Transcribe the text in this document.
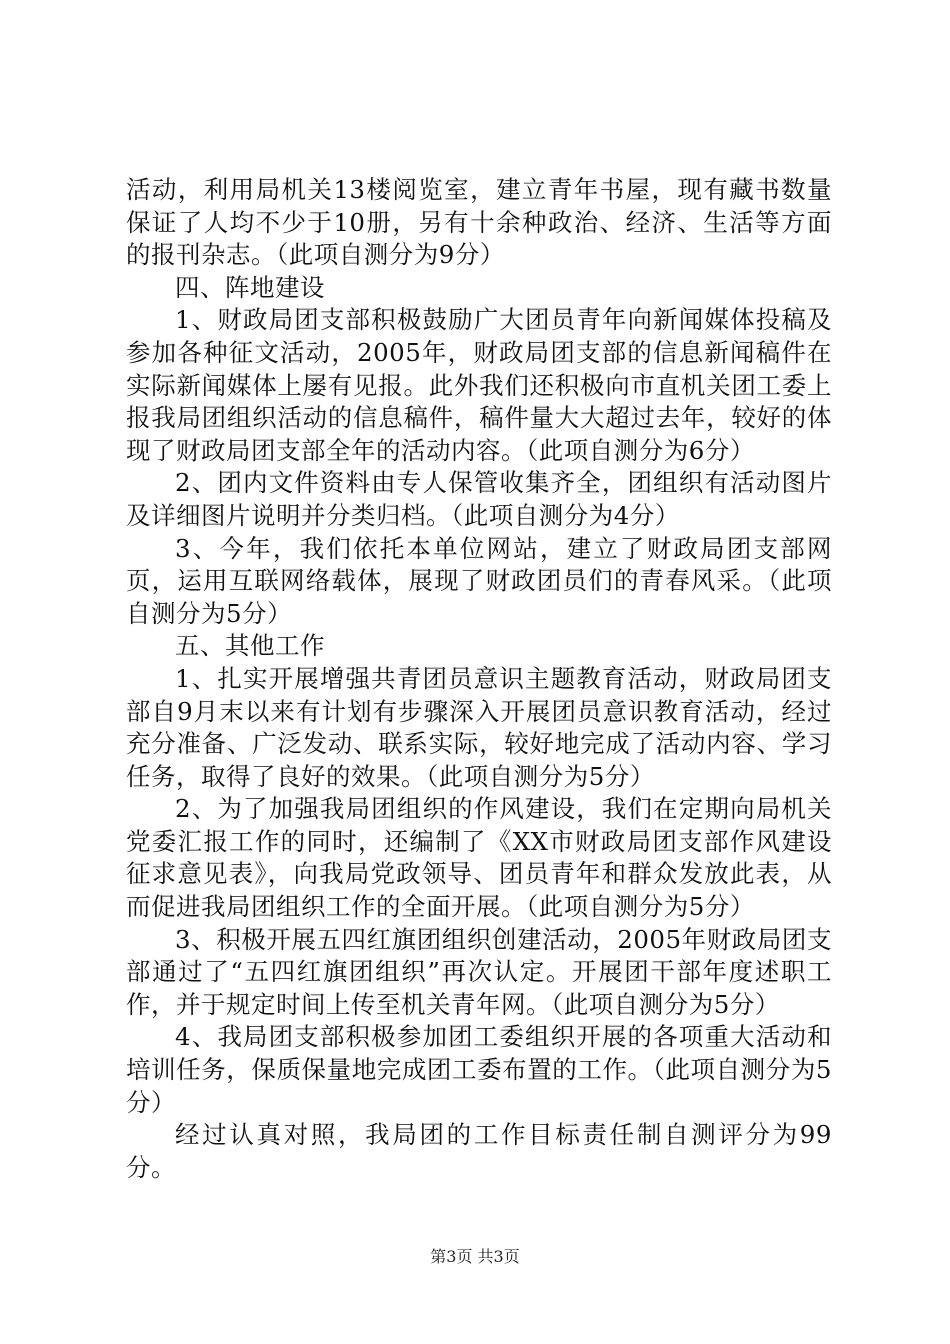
活动，利用局机关13楼阅览室，建立青年书屋，现有藏书数量保证了人均不少于10册，另有十余种政治、经济、生活等方面的报刊杂志。（此项自测分为9分）

四、阵地建设

1、财政局团支部积极鼓励广大团员青年向新闻媒体投稿及参加各种征文活动，2005年，财政局团支部的信息新闻稿件在实际新闻媒体上屡有见报。此外我们还积极向市直机关团工委上报我局团组织活动的信息稿件，稿件量大大超过去年，较好的体现了财政局团支部全年的活动内容。（此项自测分为6分）

2、团内文件资料由专人保管收集齐全，团组织有活动图片及详细图片说明并分类归档。（此项自测分为4分）

3、今年，我们依托本单位网站，建立了财政局团支部网页，运用互联网络载体，展现了财政团员们的青春风采。（此项自测分为5分）

五、其他工作

1、扎实开展增强共青团员意识主题教育活动，财政局团支部自9月末以来有计划有步骤深入开展团员意识教育活动，经过充分准备、广泛发动、联系实际，较好地完成了活动内容、学习任务，取得了良好的效果。（此项自测分为5分）

2、为了加强我局团组织的作风建设，我们在定期向局机关党委汇报工作的同时，还编制了《XX市财政局团支部作风建设征求意见表》，向我局党政领导、团员青年和群众发放此表，从而促进我局团组织工作的全面开展。（此项自测分为5分）

3、积极开展五四红旗团组织创建活动，2005年财政局团支部通过了“五四红旗团组织”再次认定。开展团干部年度述职工作，并于规定时间上传至机关青年网。（此项自测分为5分）

4、我局团支部积极参加团工委组织开展的各项重大活动和培训任务，保质保量地完成团工委布置的工作。（此项自测分为5分）

经过认真对照，我局团的工作目标责任制自测评分为99分。

第3页 共3页
